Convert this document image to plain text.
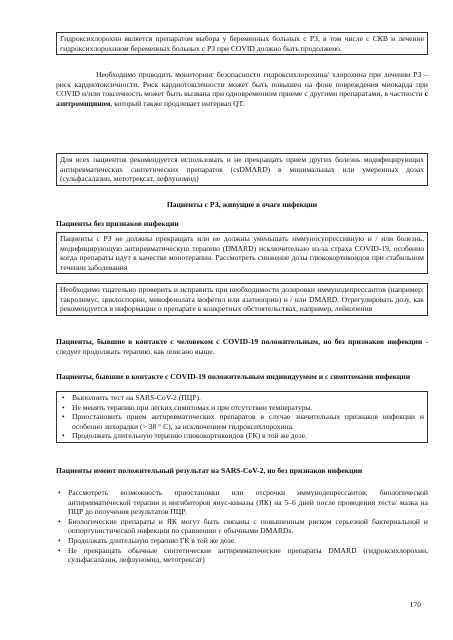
Гидроксихлорохин является препаратом выбора у беременных больных с РЗ, в том числе с СКВ и лечение гидроксихлорохином беременных больных с РЗ при COVID должно быть продолжено.
Необходимо проводить мониторинг безопасности гидроксихлорохина/ хлорохина при лечении РЗ – риск кардиотоксичности. Риск кардиотоксичности может быть повышен на фоне повреждения миокарда при COVID и/или токсичность может быть вызвана при одновременном приеме с другими препаратами, в частности с азитромицином, который также продлевает интервал QT.
Для всех пациентов рекомендуется использовать и не прекращать прием других болезнь модифицирующих антиревматических синтетических препаратов (csDMARD) в минимальных или умеренных дозах (сульфасалазин, метотрексат, лефлуномид)
Пациенты с РЗ, живущие в очаге инфекции
Пациенты без признаков инфекции
Пациенты с РЗ не должны прекращать или не должны уменьшать иммуносупрессивную и / или болезнь, модифицирующую антиревматическую терапию (DMARD) исключительно из-за страха COVID-19, особенно когда препараты идут в качестве монотерапии. Рассмотреть снижение дозы глюкокортикоидов при стабильном течении заболевания
Необходимо тщательно проверить и исправить при необходимости дозировки иммунодепрессантов (например: такролимус, циклоспорин, микофенолата мофетил или азатиоприн) и / или DMARD. Отрегулировать дозу, как рекомендуется в информации о препарате в конкретных обстоятельствах, например, лейкопения
Пациенты, бывшие в контакте с человеком с COVID-19 положительным, но без признаков инфекции - следует продолжать терапию, как описано выше.
Пациенты, бывшие в контакте с COVID-19 положительным индивидуумом и с симптомами инфекции
• Выполнить тест на SARS-CoV-2 (ПЦР).
• Не менять терапию при легких симптомах и при отсутствии температуры.
• Приостановить прием антиревматических препаратов в случае значительных признаков инфекции и особенно лихорадки (> 38 ° С), за исключением гидроксихлорохина.
• Продолжать длительную терапию глюкокортикоидов (ГК) в той же дозе.
Пациенты имеют положительный результат на SARS-CoV-2, но без признаков инфекции
• Рассмотреть возможность приостановки или отсрочки иммунодепрессантов, биологической антиревматической терапии и ингибиторов янус-киназы (ЯК) на 5–6 дней после проведения теста/ мазка на ПЦР до получения результатов ПЦР.
• Биологические препараты и ЯК могут быть связаны с повышенным риском серьезной бактериальной и оппортунистической инфекции по сравнению с обычными DMARDs.
• Продолжать длительную терапию ГК в той же дозе.
• Не прекращать обычные синтетические антиревматические препараты DMARD (гидроксихлорохин, сульфасалазин, лефлуномид, метотрексат)
170
